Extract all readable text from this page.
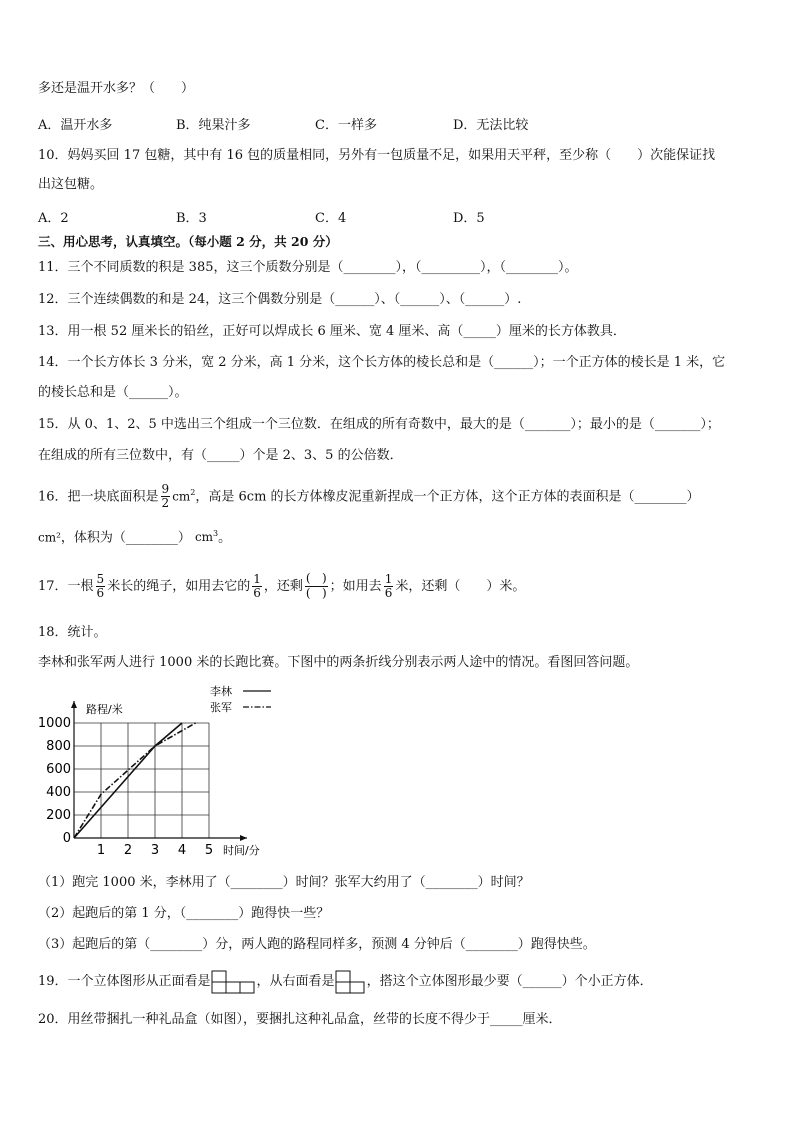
多还是温开水多？（　　）
A．温开水多	B．纯果汁多	C．一样多	D．无法比较
10．妈妈买回 17 包糖，其中有 16 包的质量相同，另外有一包质量不足，如果用天平秤，至少称（　　）次能保证找
出这包糖。
A．2	B．3	C．4	D．5
三、用心思考，认真填空。（每小题 2 分，共 20 分）
11．三个不同质数的积是 385，这三个质数分别是（________），（_________），（________）。
12．三个连续偶数的和是 24，这三个偶数分别是（______）、（______）、（______）.
13．用一根 52 厘米长的铅丝，正好可以焊成长 6 厘米、宽 4 厘米、高（_____）厘米的长方体教具．
14．一个长方体长 3 分米，宽 2 分米，高 1 分米，这个长方体的棱长总和是（______）；一个正方体的棱长是 1 米，它
的棱长总和是（______）。
15．从 0、1、2、5 中选出三个组成一个三位数．在组成的所有奇数中，最大的是（_______）；最小的是（_______）；
在组成的所有三位数中，有（_____）个是 2、3、5 的公倍数．
16．把一块底面积是 $\frac{9}{2} cm^2$，高是 6cm 的长方体橡皮泥重新捏成一个正方体，这个正方体的表面积是（________）
cm²，体积为（________） $cm^3$。
17．一根 $\frac{5}{6}$ 米长的绳子，如用去它的 $\frac{1}{6}$ ，还剩 $\frac{( )}{( )}$ ；如用去 $\frac{1}{6}$ 米，还剩（　　）米。
18．统计。
李林和张军两人进行 1000 米的长跑比赛。下图中的两条折线分别表示两人途中的情况。看图回答问题。
1 2 3 4 5
0
200
400
600
800
1000
路程/米
时间/分
李林
张军
（1）跑完 1000 米，李林用了（________）时间？张军大约用了（________）时间？
（2）起跑后的第 1 分，（________）跑得快一些？
（3）起跑后的第（________）分，两人跑的路程同样多，预测 4 分钟后（________）跑得快些。
19．一个立体图形从正面看是	，从右面看是 ，搭这个立体图形最少要（______）个小正方体．
20．用丝带捆扎一种礼品盒（如图），要捆扎这种礼品盒，丝带的长度不得少于_____厘米．
